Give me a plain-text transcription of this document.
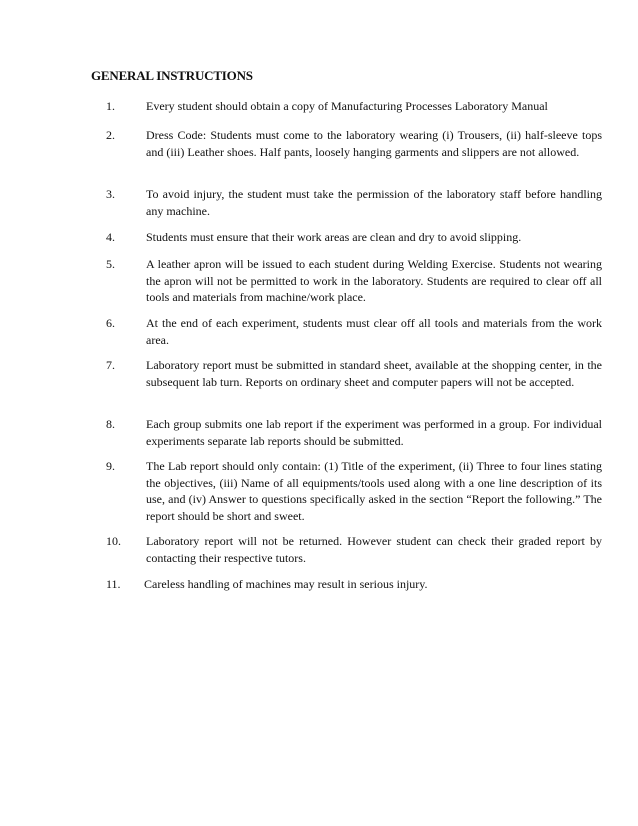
GENERAL INSTRUCTIONS
1.	Every student should obtain a copy of Manufacturing Processes Laboratory Manual
2.	Dress Code: Students must come to the laboratory wearing (i) Trousers, (ii) half-sleeve tops and (iii) Leather shoes. Half pants, loosely hanging garments and slippers are not allowed.
3.	To avoid injury, the student must take the permission of the laboratory staff before handling any machine.
4.	Students must ensure that their work areas are clean and dry to avoid slipping.
5.	A leather apron will be issued to each student during Welding Exercise. Students not wearing the apron will not be permitted to work in the laboratory. Students are required to clear off all tools and materials from machine/work place.
6.	At the end of each experiment, students must clear off all tools and materials from the work area.
7.	Laboratory report must be submitted in standard sheet, available at the shopping center, in the subsequent lab turn. Reports on ordinary sheet and computer papers will not be accepted.
8.	Each group submits one lab report if the experiment was performed in a group. For individual experiments separate lab reports should be submitted.
9.	The Lab report should only contain: (1) Title of the experiment, (ii) Three to four lines stating the objectives, (iii) Name of all equipments/tools used along with a one line description of its use, and (iv) Answer to questions specifically asked in the section “Report the following.” The report should be short and sweet.
10.	Laboratory report will not be returned. However student can check their graded report by contacting their respective tutors.
11.	Careless handling of machines may result in serious injury.
